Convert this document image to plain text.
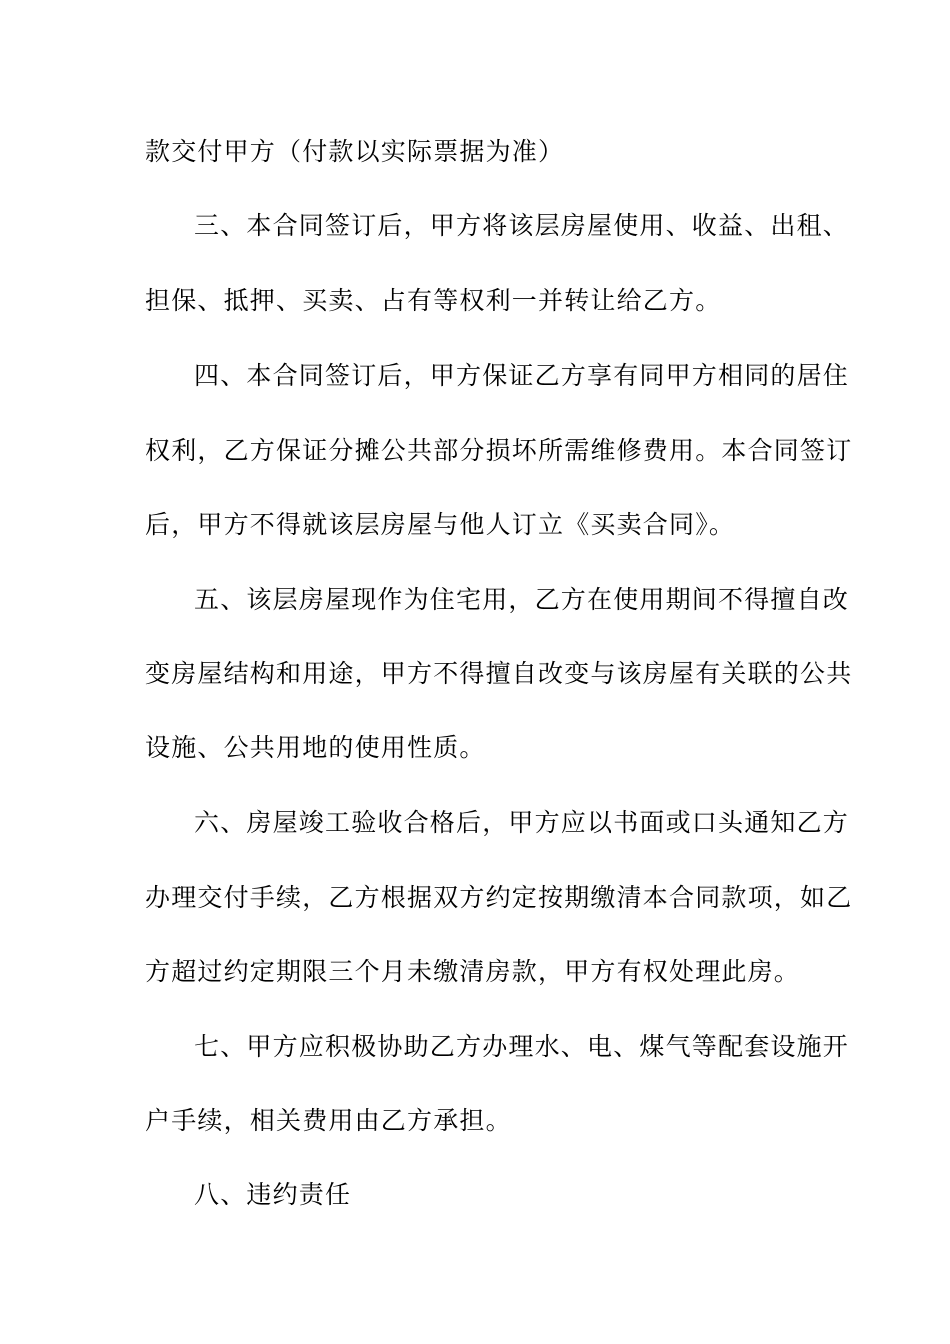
款交付甲方（付款以实际票据为准）
三、本合同签订后，甲方将该层房屋使用、收益、出租、
担保、抵押、买卖、占有等权利一并转让给乙方。
四、本合同签订后，甲方保证乙方享有同甲方相同的居住
权利，乙方保证分摊公共部分损坏所需维修费用。本合同签订
后，甲方不得就该层房屋与他人订立《买卖合同》。
五、该层房屋现作为住宅用，乙方在使用期间不得擅自改
变房屋结构和用途，甲方不得擅自改变与该房屋有关联的公共
设施、公共用地的使用性质。
六、房屋竣工验收合格后，甲方应以书面或口头通知乙方
办理交付手续，乙方根据双方约定按期缴清本合同款项，如乙
方超过约定期限三个月未缴清房款，甲方有权处理此房。
七、甲方应积极协助乙方办理水、电、煤气等配套设施开
户手续，相关费用由乙方承担。
八、违约责任
